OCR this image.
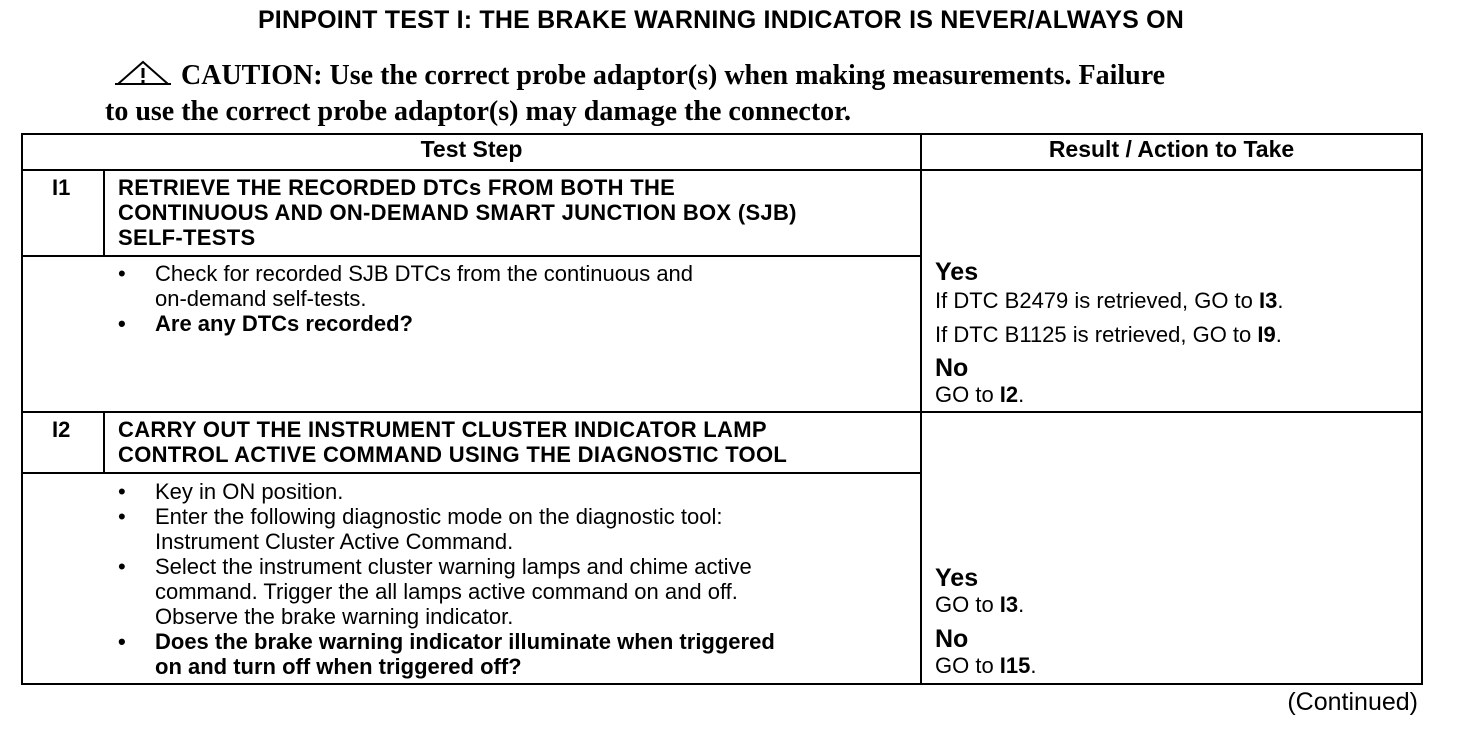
PINPOINT TEST I: THE BRAKE WARNING INDICATOR IS NEVER/ALWAYS ON
CAUTION: Use the correct probe adaptor(s) when making measurements. Failure
to use the correct probe adaptor(s) may damage the connector.
Test Step	Result / Action to Take
I1 RETRIEVE THE RECORDED DTCs FROM BOTH THE
CONTINUOUS AND ON-DEMAND SMART JUNCTION BOX (SJB)
SELF-TESTS
• Check for recorded SJB DTCs from the continuous and
on-demand self-tests.
• Are any DTCs recorded?
Yes
If DTC B2479 is retrieved, GO to I3.
If DTC B1125 is retrieved, GO to I9.
No
GO to I2.
I2 CARRY OUT THE INSTRUMENT CLUSTER INDICATOR LAMP
CONTROL ACTIVE COMMAND USING THE DIAGNOSTIC TOOL
• Key in ON position.
• Enter the following diagnostic mode on the diagnostic tool:
Instrument Cluster Active Command.
• Select the instrument cluster warning lamps and chime active
command. Trigger the all lamps active command on and off.
Observe the brake warning indicator.
• Does the brake warning indicator illuminate when triggered
on and turn off when triggered off?
Yes
GO to I3.
No
GO to I15.
(Continued)
